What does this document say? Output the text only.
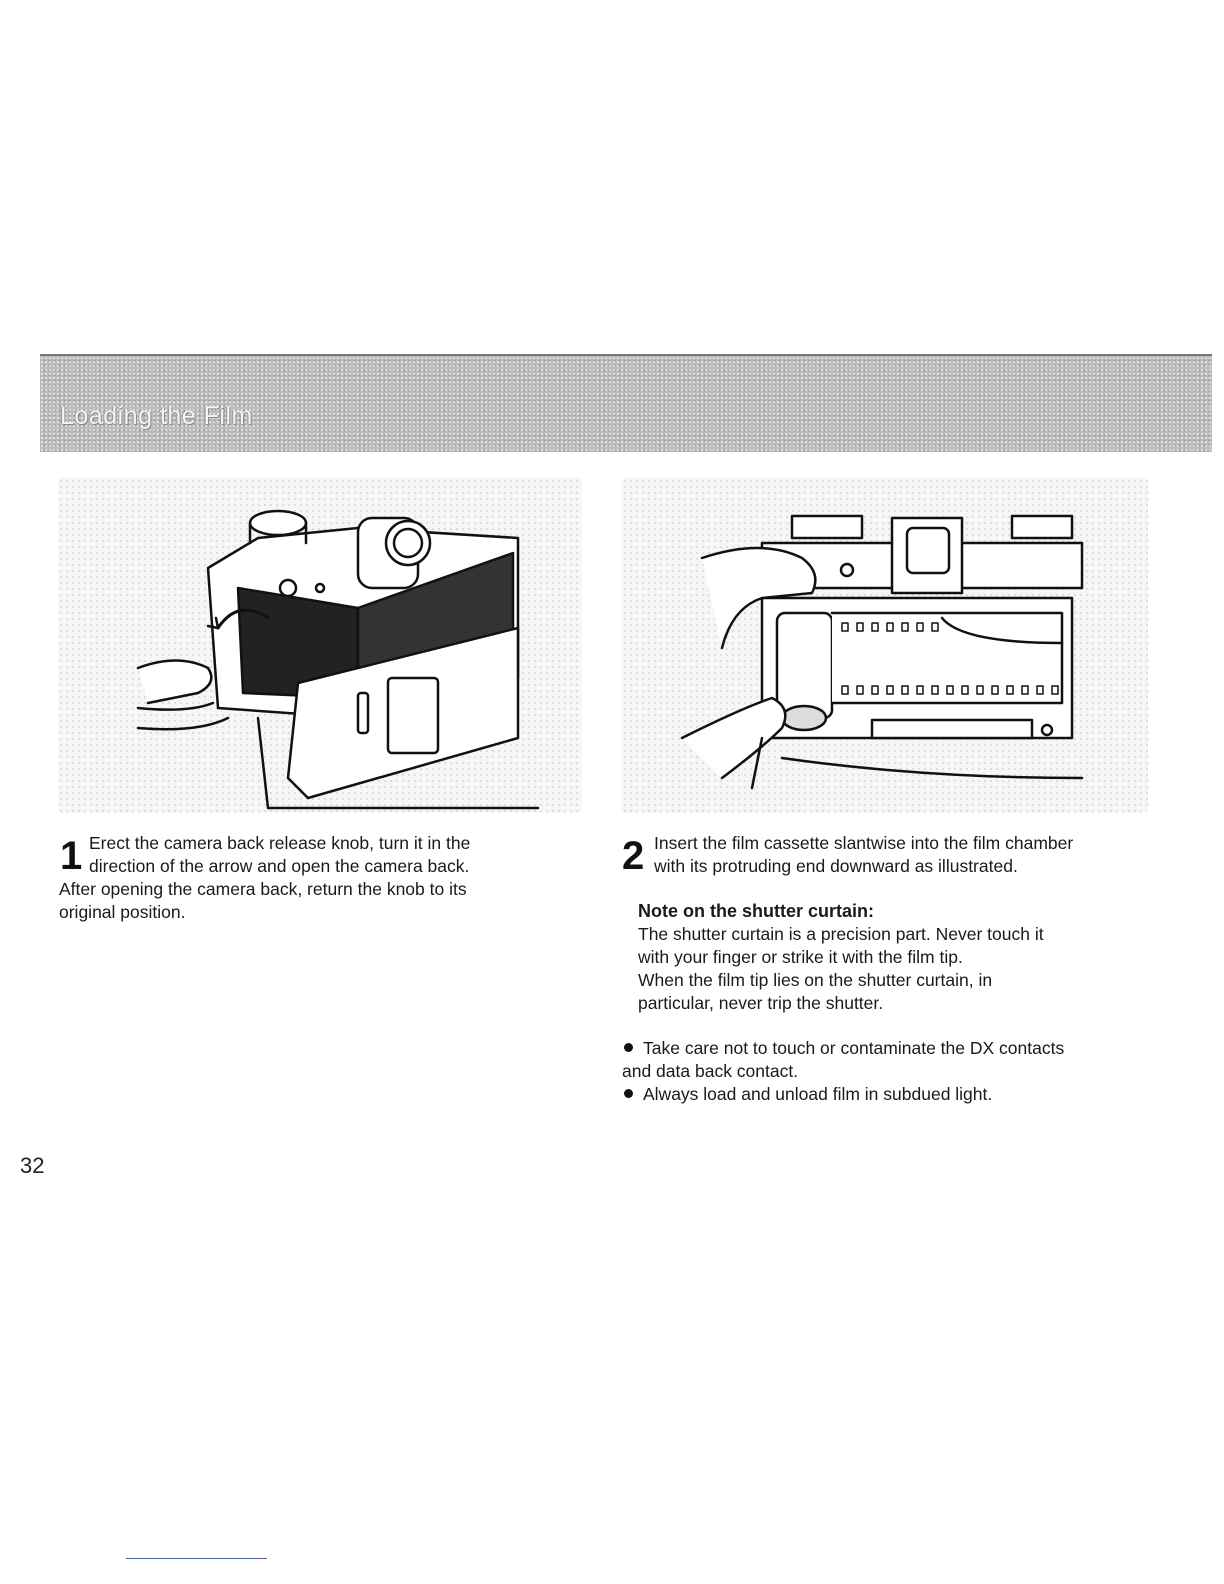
Loading the Film
1 Erect the camera back release knob, turn it in the
direction of the arrow and open the camera back.
After opening the camera back, return the knob to its
original position.
2 Insert the film cassette slantwise into the film chamber
with its protruding end downward as illustrated.
Note on the shutter curtain:
The shutter curtain is a precision part. Never touch it
with your finger or strike it with the film tip.
When the film tip lies on the shutter curtain, in
particular, never trip the shutter.
Take care not to touch or contaminate the DX contacts
and data back contact.
Always load and unload film in subdued light.
32
